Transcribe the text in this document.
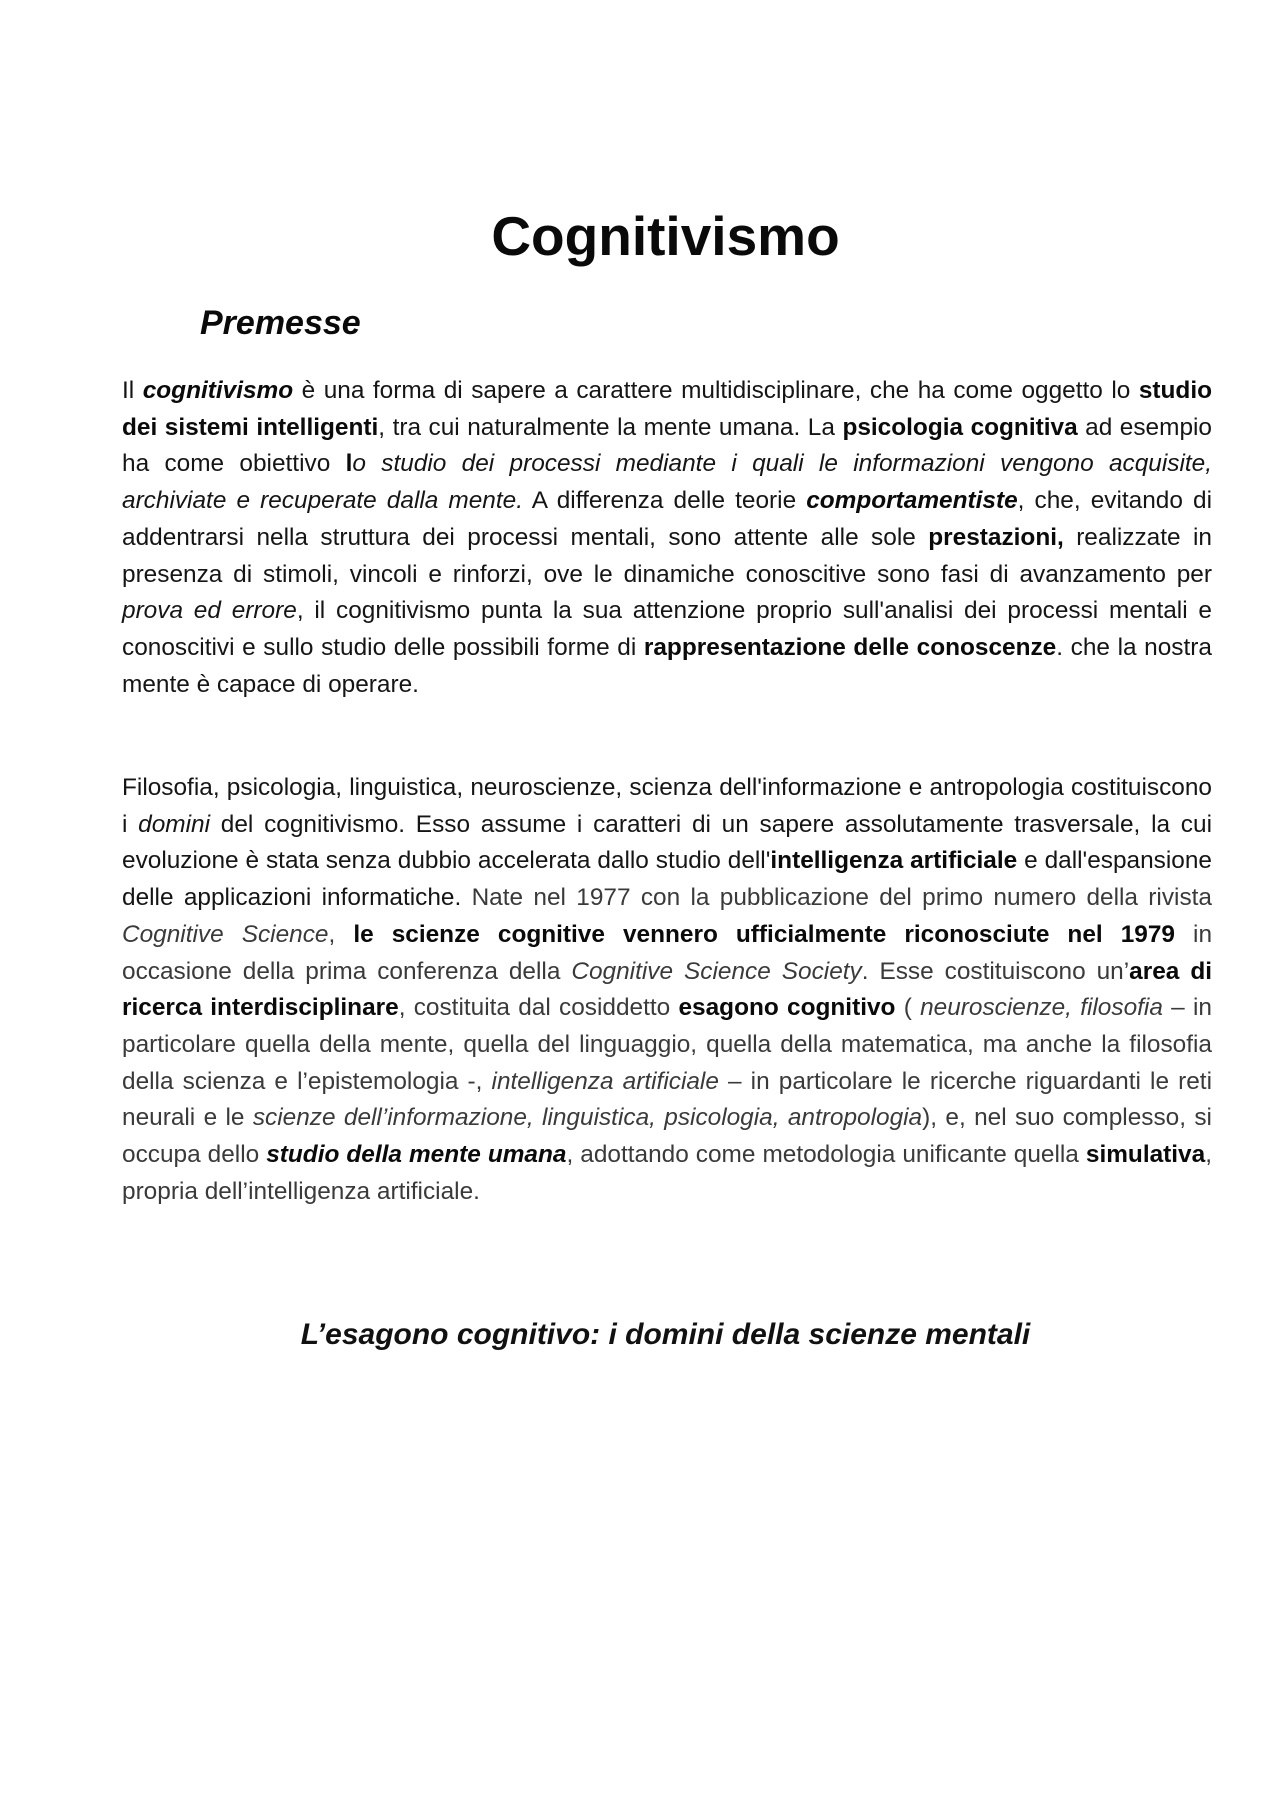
Cognitivismo
Premesse

Il cognitivismo è una forma di sapere a carattere multidisciplinare, che ha come oggetto lo studio dei sistemi intelligenti, tra cui naturalmente la mente umana. La psicologia cognitiva ad esempio ha come obiettivo lo studio dei processi mediante i quali le informazioni vengono acquisite, archiviate e recuperate dalla mente. A differenza delle teorie comportamentiste, che, evitando di addentrarsi nella struttura dei processi mentali, sono attente alle sole prestazioni, realizzate in presenza di stimoli, vincoli e rinforzi, ove le dinamiche conoscitive sono fasi di avanzamento per prova ed errore, il cognitivismo punta la sua attenzione proprio sull'analisi dei processi mentali e conoscitivi e sullo studio delle possibili forme di rappresentazione delle conoscenze. che la nostra mente è capace di operare.

Filosofia, psicologia, linguistica, neuroscienze, scienza dell'informazione e antropologia costituiscono i domini del cognitivismo. Esso assume i caratteri di un sapere assolutamente trasversale, la cui evoluzione è stata senza dubbio accelerata dallo studio dell'intelligenza artificiale e dall'espansione delle applicazioni informatiche. Nate nel 1977 con la pubblicazione del primo numero della rivista Cognitive Science, le scienze cognitive vennero ufficialmente riconosciute nel 1979 in occasione della prima conferenza della Cognitive Science Society. Esse costituiscono un’area di ricerca interdisciplinare, costituita dal cosiddetto esagono cognitivo ( neuroscienze, filosofia – in particolare quella della mente, quella del linguaggio, quella della matematica, ma anche la filosofia della scienza e l’epistemologia -, intelligenza artificiale – in particolare le ricerche riguardanti le reti neurali e le scienze dell’informazione, linguistica, psicologia, antropologia), e, nel suo complesso, si occupa dello studio della mente umana, adottando come metodologia unificante quella simulativa, propria dell’intelligenza artificiale.

L’esagono cognitivo: i domini della scienze mentali
